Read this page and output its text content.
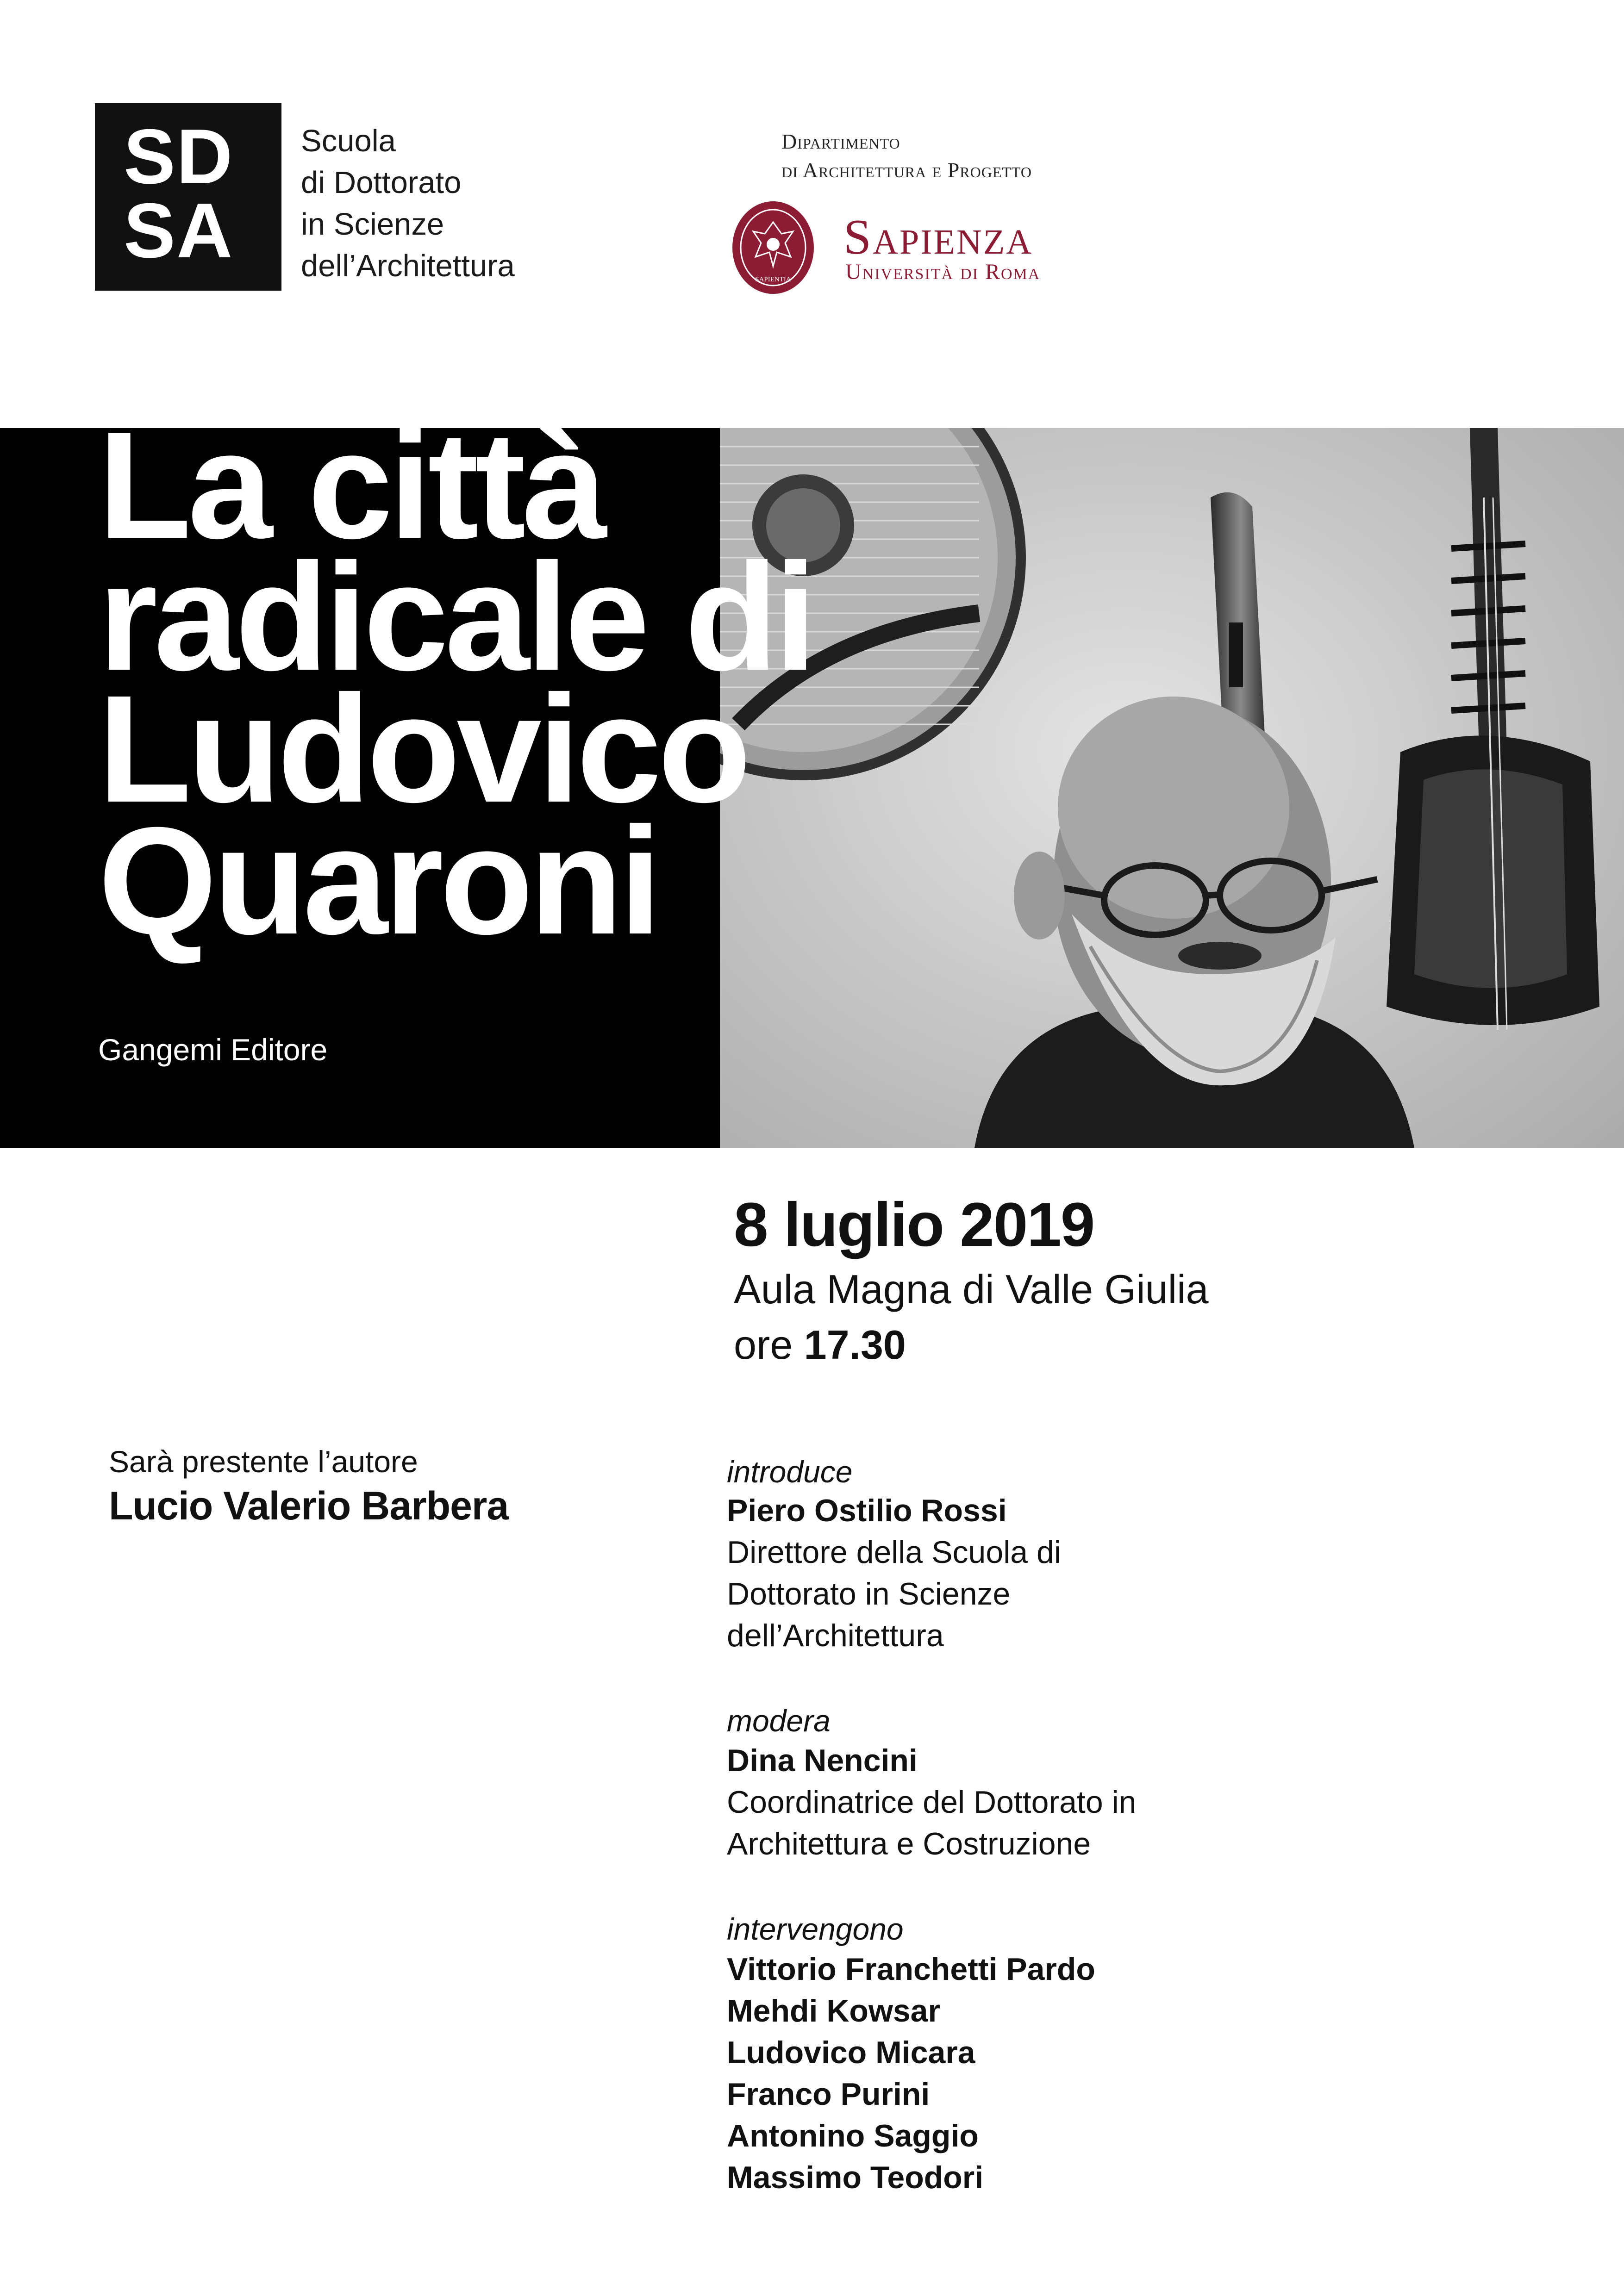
SD
SA
Scuola
di Dottorato
in Scienze
dell’Architettura
Dipartimento
di Architettura e Progetto
SAPIENTIA
Sapienza
Università di Roma
La città
radicale di
Ludovico
Quaroni
Gangemi Editore
8 luglio 2019
Aula Magna di Valle Giulia
ore 17.30
Sarà prestente l’autore
Lucio Valerio Barbera
introduce
Piero Ostilio Rossi
Direttore della Scuola di
Dottorato in Scienze
dell’Architettura
modera
Dina Nencini
Coordinatrice del Dottorato in
Architettura e Costruzione
intervengono
Vittorio Franchetti Pardo
Mehdi Kowsar
Ludovico Micara
Franco Purini
Antonino Saggio
Massimo Teodori
